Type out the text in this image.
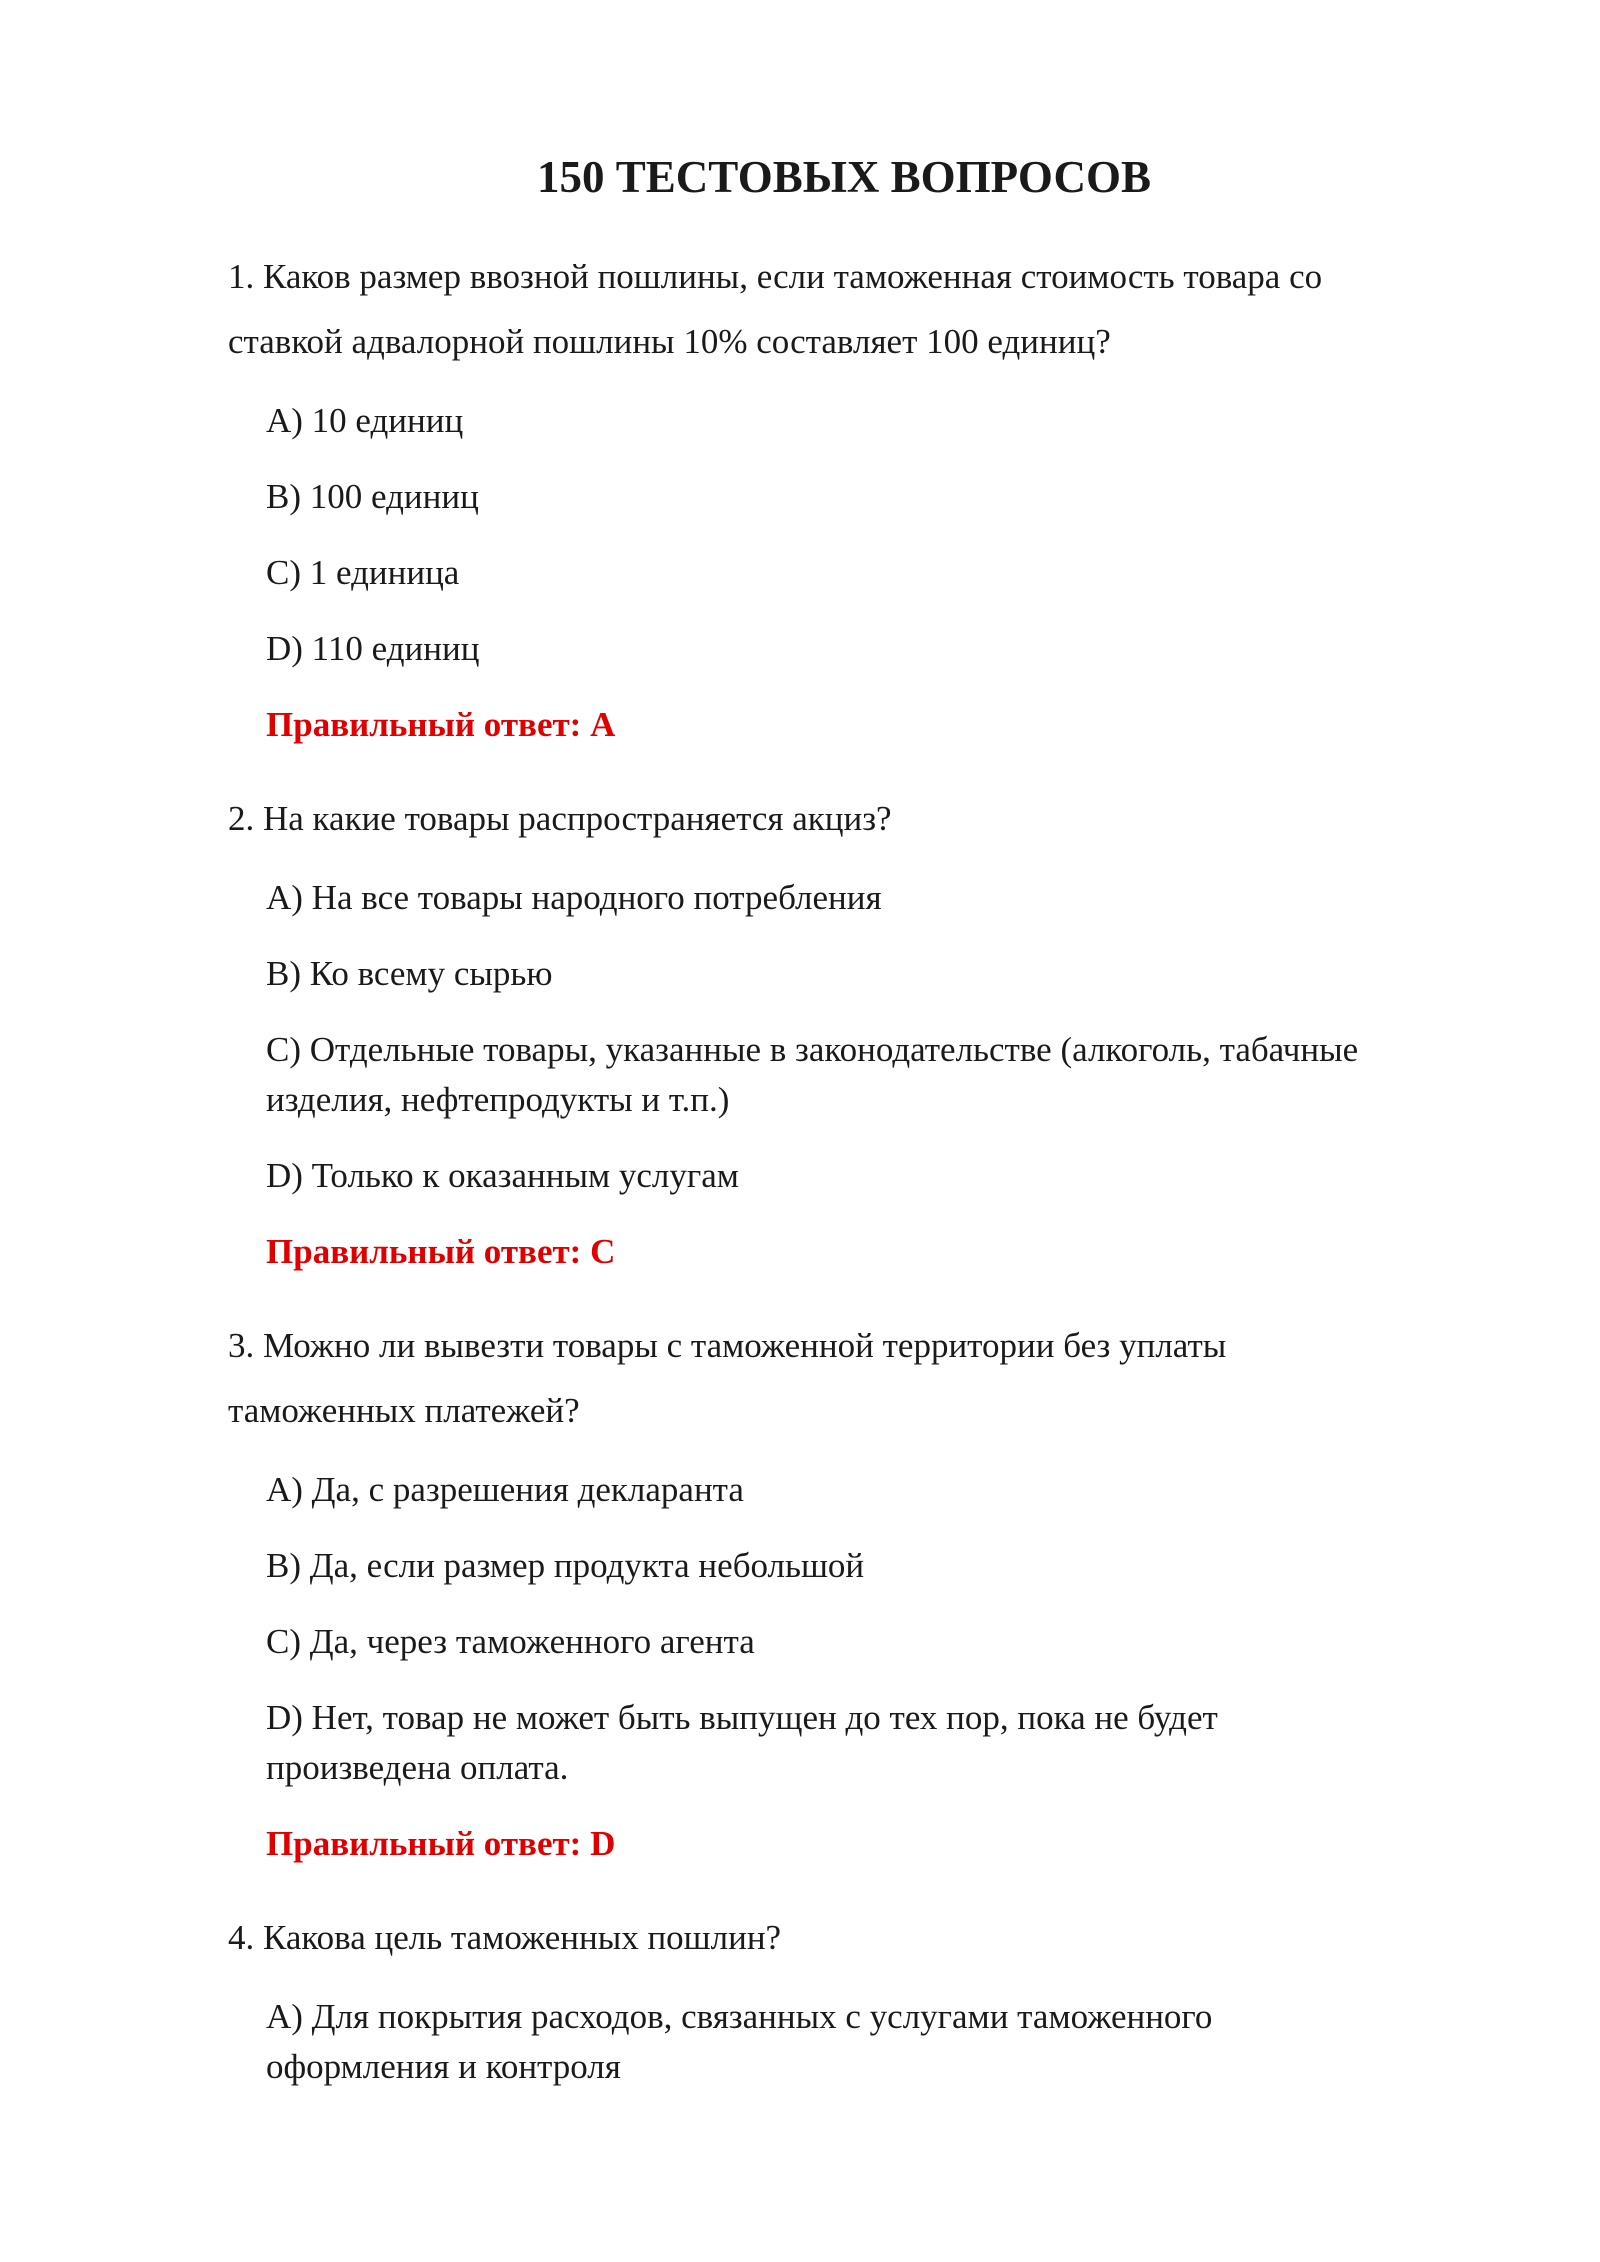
150 ТЕСТОВЫХ ВОПРОСОВ

1. Каков размер ввозной пошлины, если таможенная стоимость товара со ставкой адвалорной пошлины 10% составляет 100 единиц?

A) 10 единиц

B) 100 единиц

C) 1 единица

D) 110 единиц

Правильный ответ: A

2. На какие товары распространяется акциз?

A) На все товары народного потребления

B) Ко всему сырью

C) Отдельные товары, указанные в законодательстве (алкоголь, табачные изделия, нефтепродукты и т.п.)

D) Только к оказанным услугам

Правильный ответ: C

3. Можно ли вывезти товары с таможенной территории без уплаты таможенных платежей?

A) Да, с разрешения декларанта

B) Да, если размер продукта небольшой

C) Да, через таможенного агента

D) Нет, товар не может быть выпущен до тех пор, пока не будет произведена оплата.

Правильный ответ: D

4. Какова цель таможенных пошлин?

A) Для покрытия расходов, связанных с услугами таможенного оформления и контроля
